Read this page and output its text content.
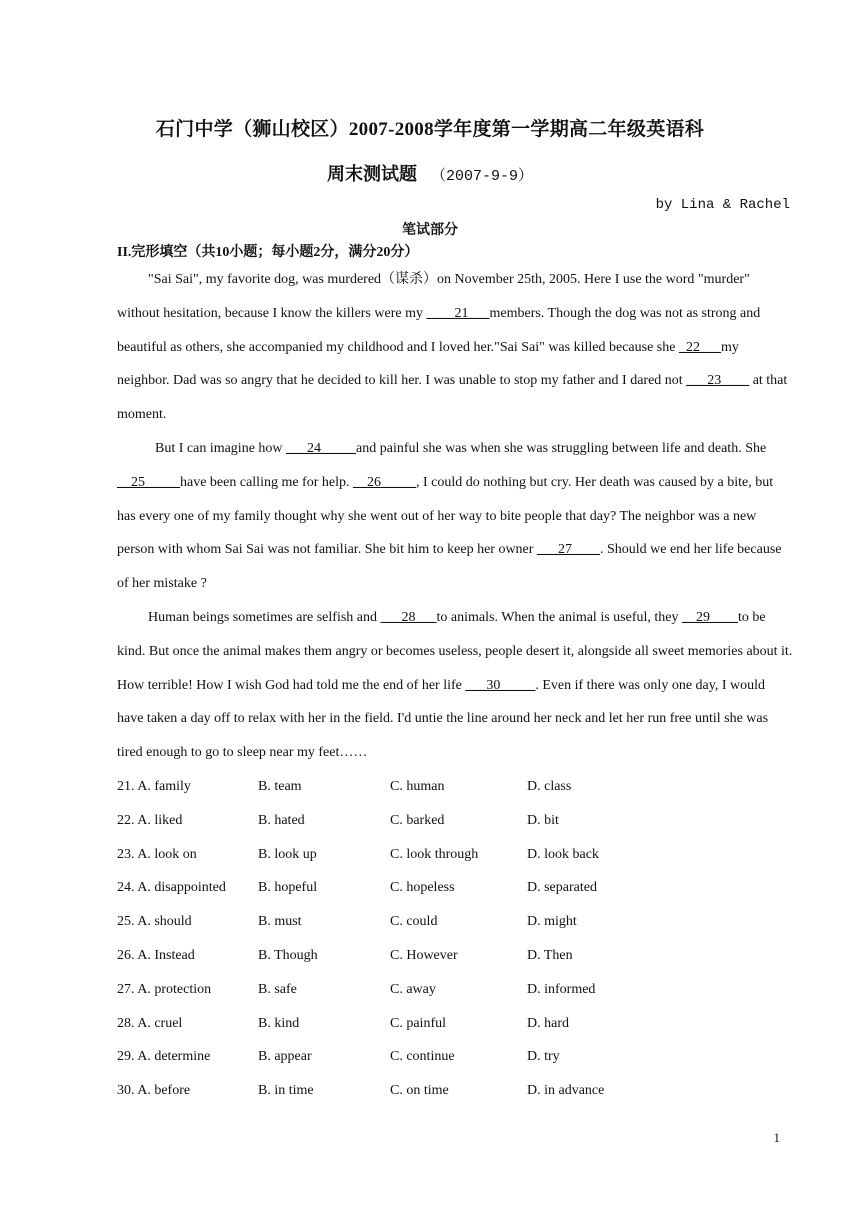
石门中学（狮山校区）2007-2008学年度第一学期高二年级英语科
周末测试题 （2007-9-9）
by Lina & Rachel
笔试部分
II.完形填空（共10小题；每小题2分，满分20分）

"Sai Sai", my favorite dog, was murdered（谋杀）on November 25th, 2005. Here I use the word "murder" without hesitation, because I know the killers were my ____21___members. Though the dog was not as strong and beautiful as others, she accompanied my childhood and I loved her."Sai Sai" was killed because she _22___my neighbor. Dad was so angry that he decided to kill her. I was unable to stop my father and I dared not ___23____ at that moment.

But I can imagine how ___24_____and painful she was when she was struggling between life and death. She __25_____have been calling me for help. __26_____, I could do nothing but cry. Her death was caused by a bite, but has every one of my family thought why she went out of her way to bite people that day? The neighbor was a new person with whom Sai Sai was not familiar. She bit him to keep her owner ___27____. Should we end her life because of her mistake ?

Human beings sometimes are selfish and ___28___to animals. When the animal is useful, they __29____to be kind. But once the animal makes them angry or becomes useless, people desert it, alongside all sweet memories about it. How terrible! How I wish God had told me the end of her life ___30_____. Even if there was only one day, I would have taken a day off to relax with her in the field. I'd untie the line around her neck and let her run free until she was tired enough to go to sleep near my feet……

21. A. family	B. team	C. human	D. class
22. A. liked	B. hated	C. barked	D. bit
23. A. look on	B. look up	C. look through	D. look back
24. A. disappointed B. hopeful	C. hopeless	D. separated
25. A. should	B. must	C. could	D. might
26. A. Instead	B. Though	C. However	D. Then
27. A. protection	B. safe	C. away	D. informed
28. A. cruel	B. kind	C. painful	D. hard
29. A. determine	B. appear	C. continue	D. try
30. A. before	B. in time	C. on time	D. in advance
1
